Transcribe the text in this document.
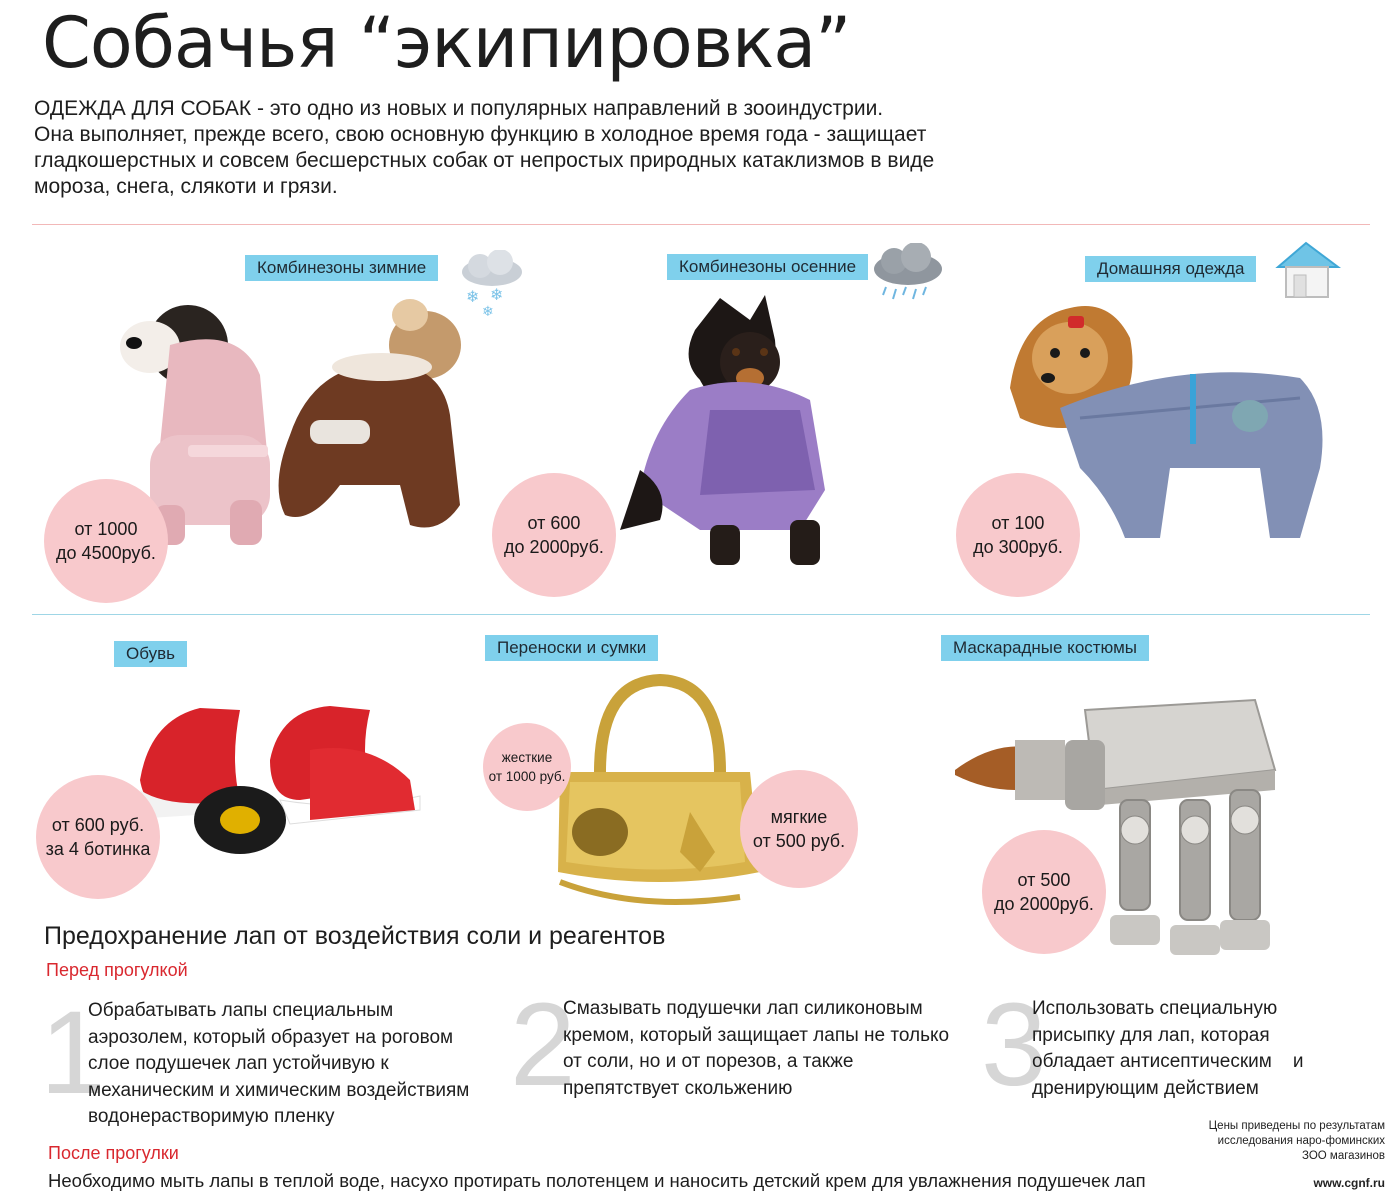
Собачья “экипировка”

ОДЕЖДА ДЛЯ СОБАК - это одно из новых и популярных направлений в зооиндустрии.

Она выполняет, прежде всего, свою основную функцию в холодное время года - защищает

гладкошерстных и совсем бесшерстных собак от непростых природных катаклизмов в виде

мороза, снега, слякоти и грязи.

Комбинезоны зимние
❄ ❄
❄
от 1000
до 4500руб.
Комбинезоны осенние
от 600
до 2000руб.
Домашняя одежда
от 100
до 300руб.
Обувь
от 600 руб.
за 4 ботинка
Переноски и сумки
жесткие
от 1000 руб.
мягкие
от 500 руб.
Маскарадные костюмы
от 500
до 2000руб.
Предохранение лап от воздействия соли и реагентов
Перед прогулкой
1
Обрабатывать лапы специальным
аэрозолем, который образует на роговом
слое подушечек лап устойчивую к
механическим и химическим воздействиям
водонерастворимую пленку
2
Смазывать подушечки лап силиконовым
кремом, который защищает лапы не только
от соли, но и от порезов, а также
препятствует скольжению	3
Использовать специальную
присыпку для лап, которая
обладает антисептическим    и
дренирующим действием
Цены приведены по результатам
исследования наро-фоминских
ЗОО магазинов
После прогулки
Необходимо мыть лапы в теплой воде, насухо протирать полотенцем и наносить детский крем для увлажнения подушечек лап	www.cgnf.ru
